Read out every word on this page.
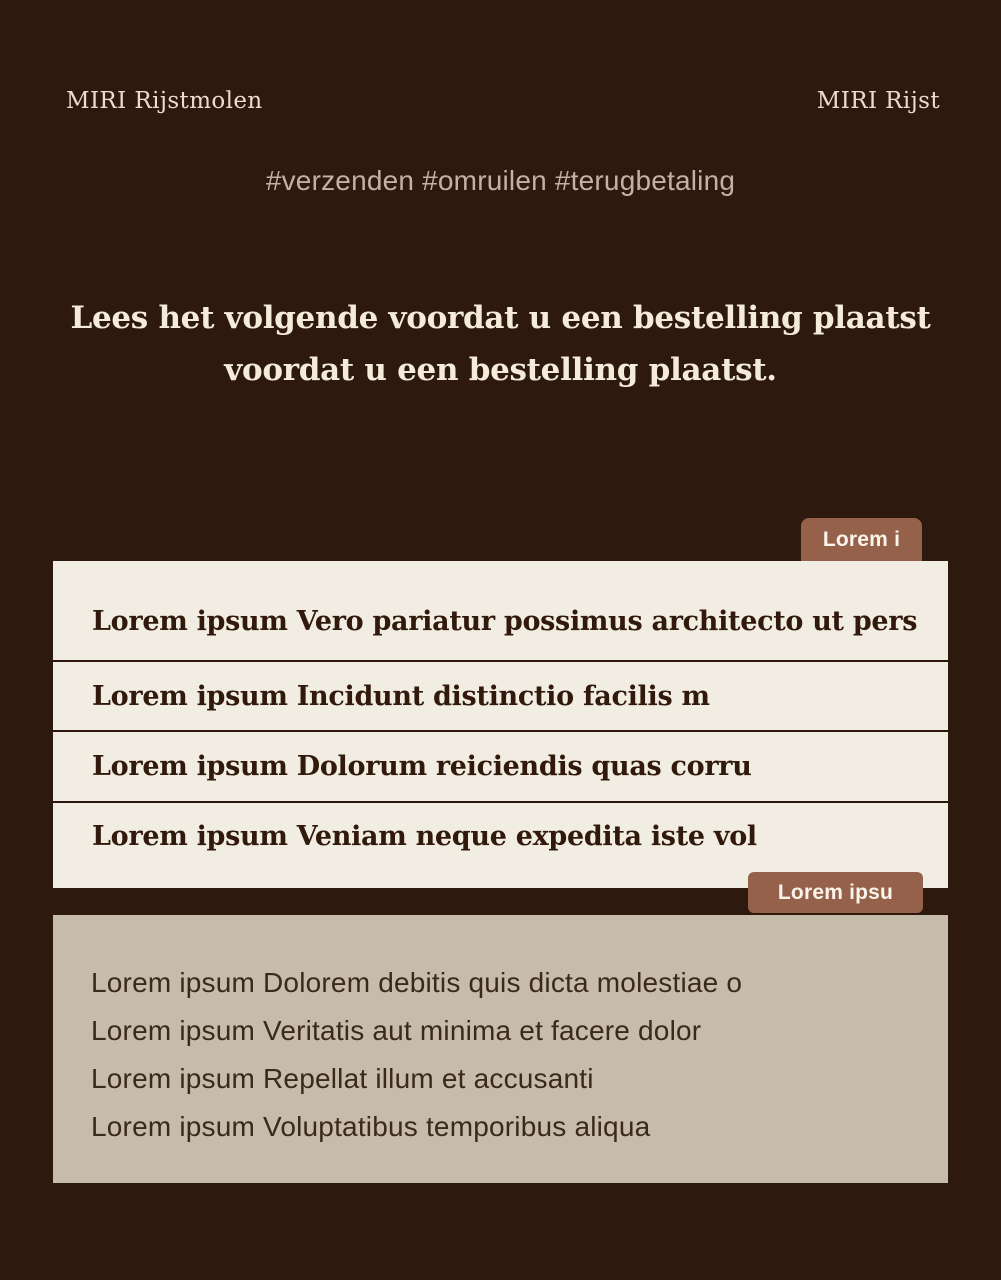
MIRI Rijstmolen	MIRI Rijst
#verzenden #omruilen #terugbetaling
Lees het volgende voordat u een bestelling plaatst
voordat u een bestelling plaatst.
Lorem i
Lorem ipsum Vero pariatur possimus architecto ut pers
Lorem ipsum Incidunt distinctio facilis m
Lorem ipsum Dolorum reiciendis quas corru
Lorem ipsum Veniam neque expedita iste vol
Lorem ipsu
Lorem ipsum Dolorem debitis quis dicta molestiae o
Lorem ipsum Veritatis aut minima et facere dolor
Lorem ipsum Repellat illum et accusanti
Lorem ipsum Voluptatibus temporibus aliqua
